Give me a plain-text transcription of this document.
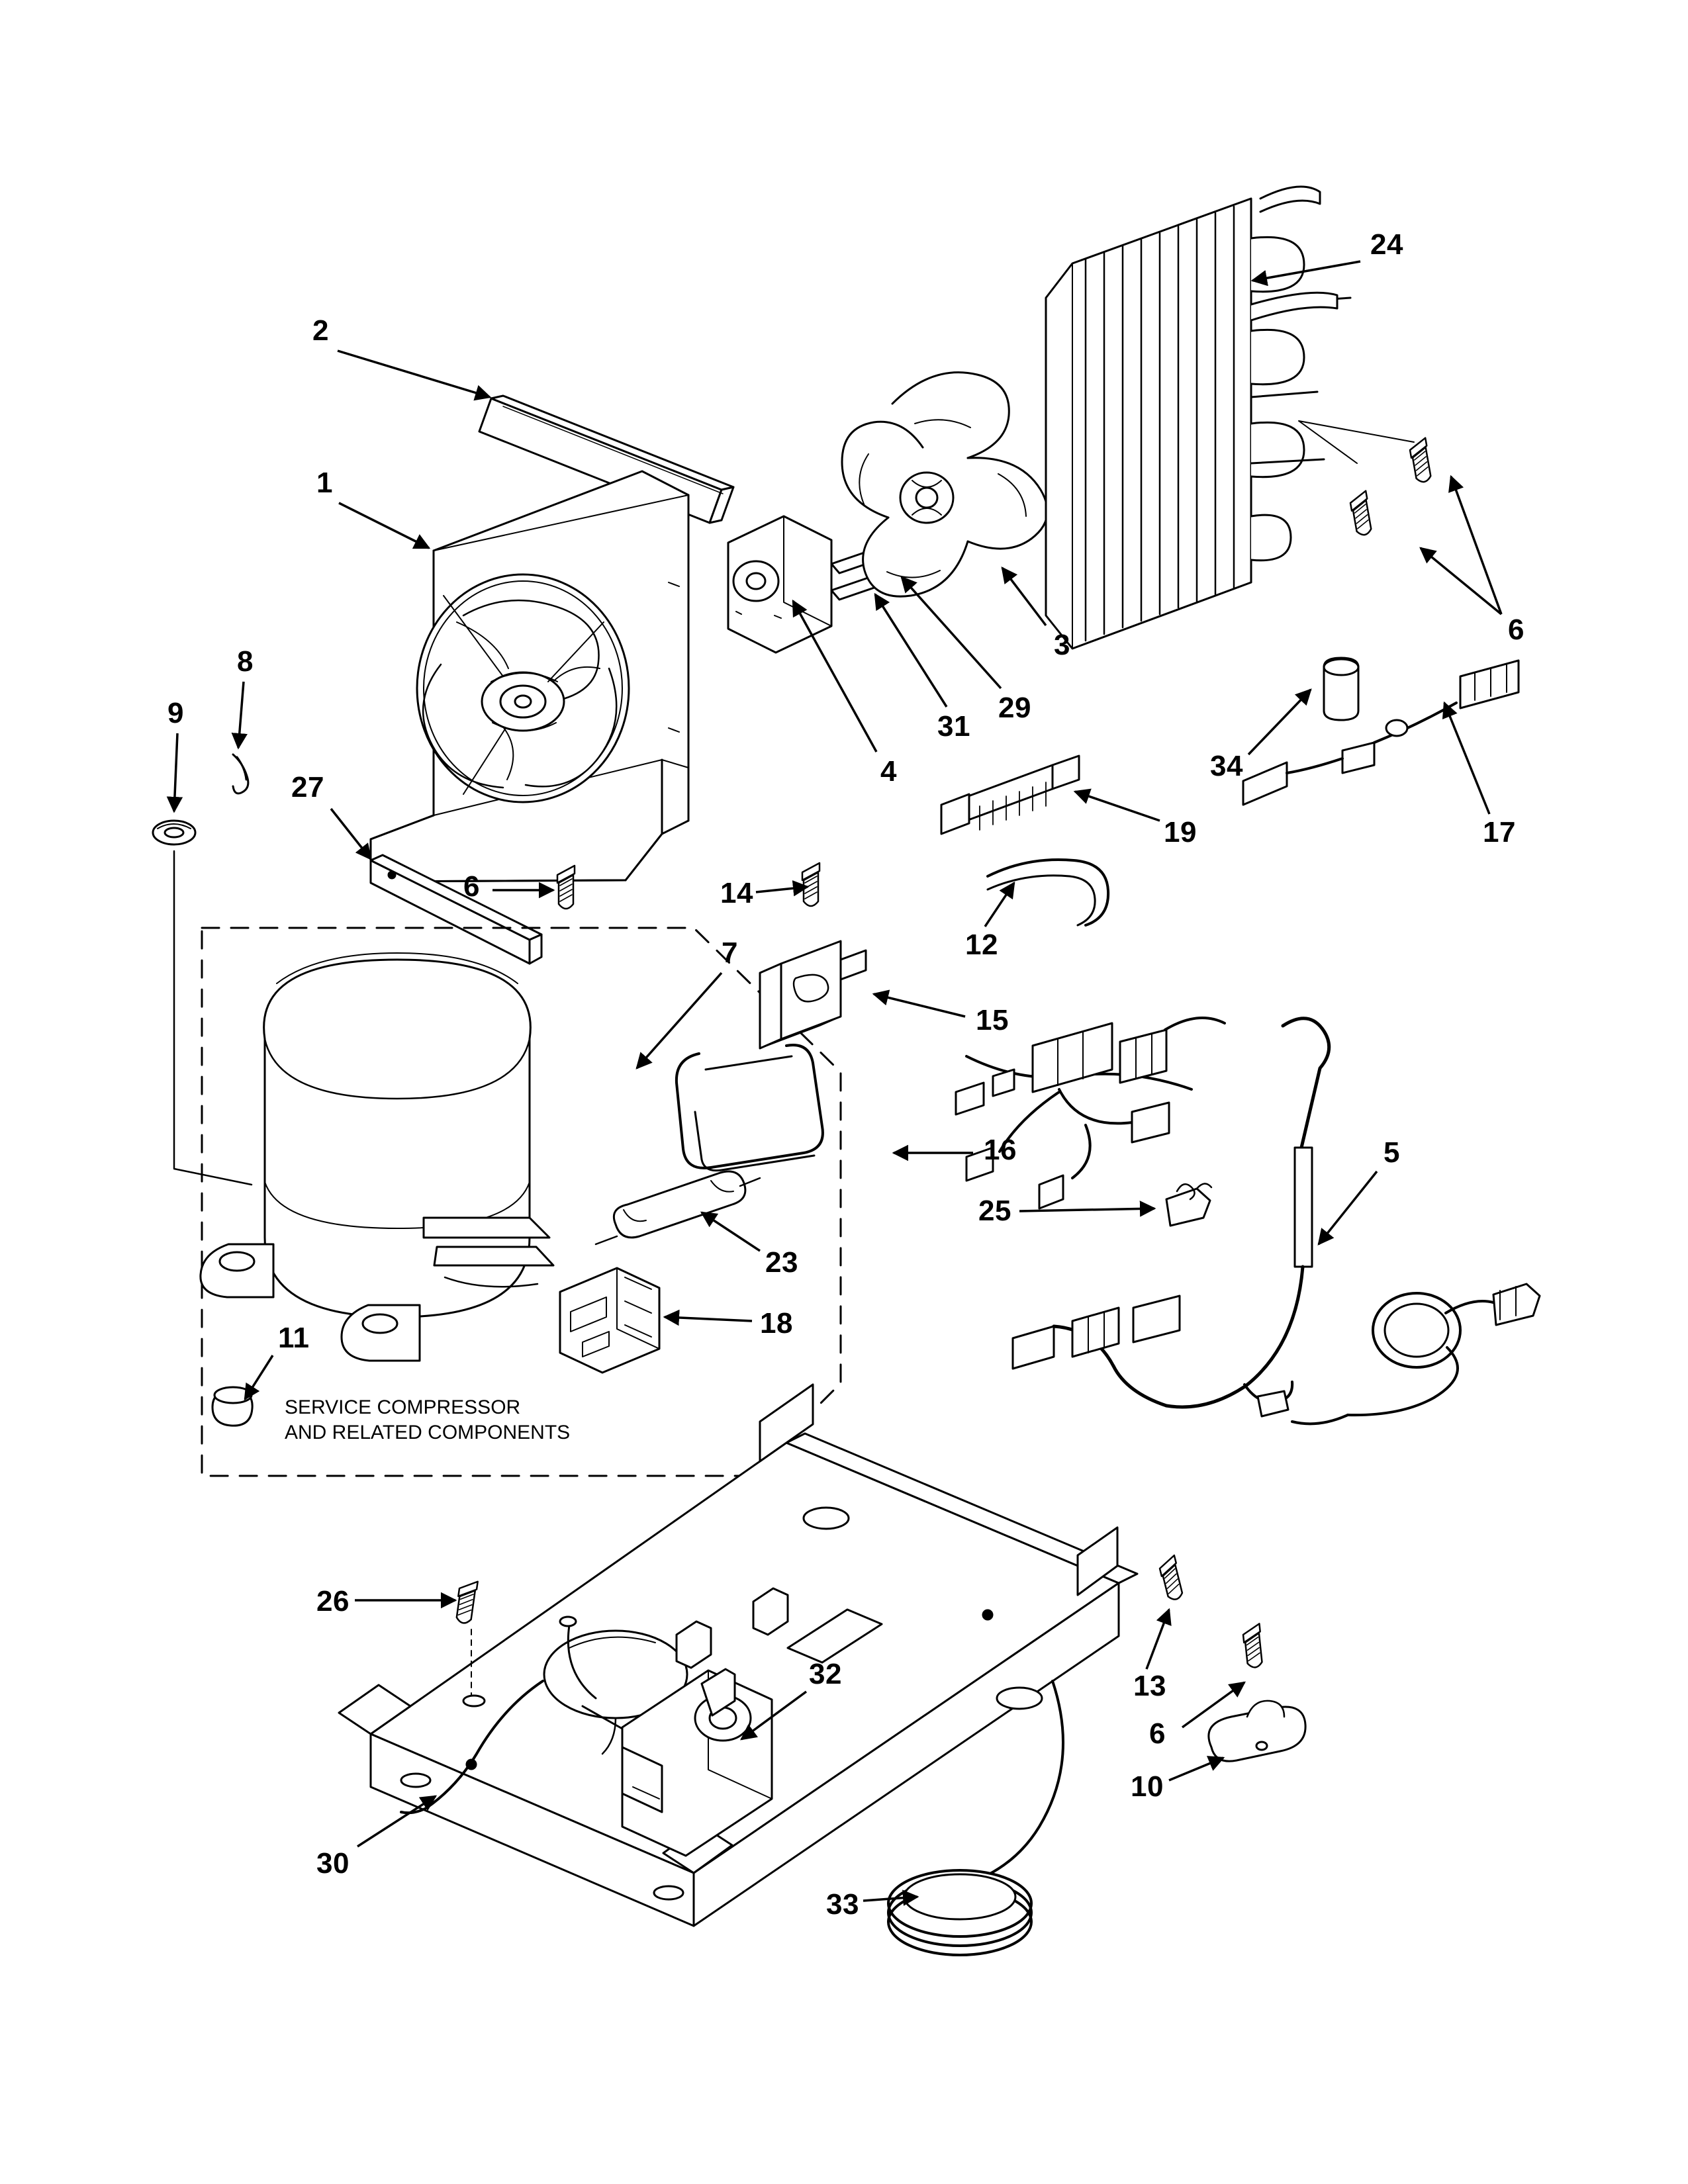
2
1
24
8
9
27
6
3
31
29
4
6
34
17
19
12
14
15
7
16
25
5
23
18
11
26
30
32	13
6
10
33
SERVICE COMPRESSOR
AND RELATED COMPONENTS
